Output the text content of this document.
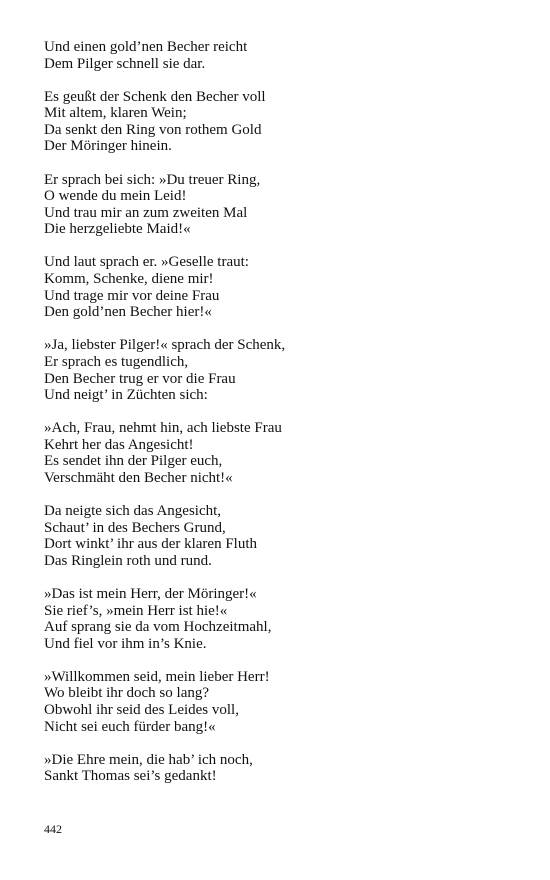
Und einen gold’nen Becher reicht
Dem Pilger schnell sie dar.
Es geußt der Schenk den Becher voll
Mit altem, klaren Wein;
Da senkt den Ring von rothem Gold
Der Möringer hinein.
Er sprach bei sich: »Du treuer Ring,
O wende du mein Leid!
Und trau mir an zum zweiten Mal
Die herzgeliebte Maid!«
Und laut sprach er. »Geselle traut:
Komm, Schenke, diene mir!
Und trage mir vor deine Frau
Den gold’nen Becher hier!«
»Ja, liebster Pilger!« sprach der Schenk,
Er sprach es tugendlich,
Den Becher trug er vor die Frau
Und neigt’ in Züchten sich:
»Ach, Frau, nehmt hin, ach liebste Frau
Kehrt her das Angesicht!
Es sendet ihn der Pilger euch,
Verschmäht den Becher nicht!«
Da neigte sich das Angesicht,
Schaut’ in des Bechers Grund,
Dort winkt’ ihr aus der klaren Fluth
Das Ringlein roth und rund.
»Das ist mein Herr, der Möringer!«
Sie rief’s, »mein Herr ist hie!«
Auf sprang sie da vom Hochzeitmahl,
Und fiel vor ihm in’s Knie.
»Willkommen seid, mein lieber Herr!
Wo bleibt ihr doch so lang?
Obwohl ihr seid des Leides voll,
Nicht sei euch fürder bang!«
»Die Ehre mein, die hab’ ich noch,
Sankt Thomas sei’s gedankt!
442
